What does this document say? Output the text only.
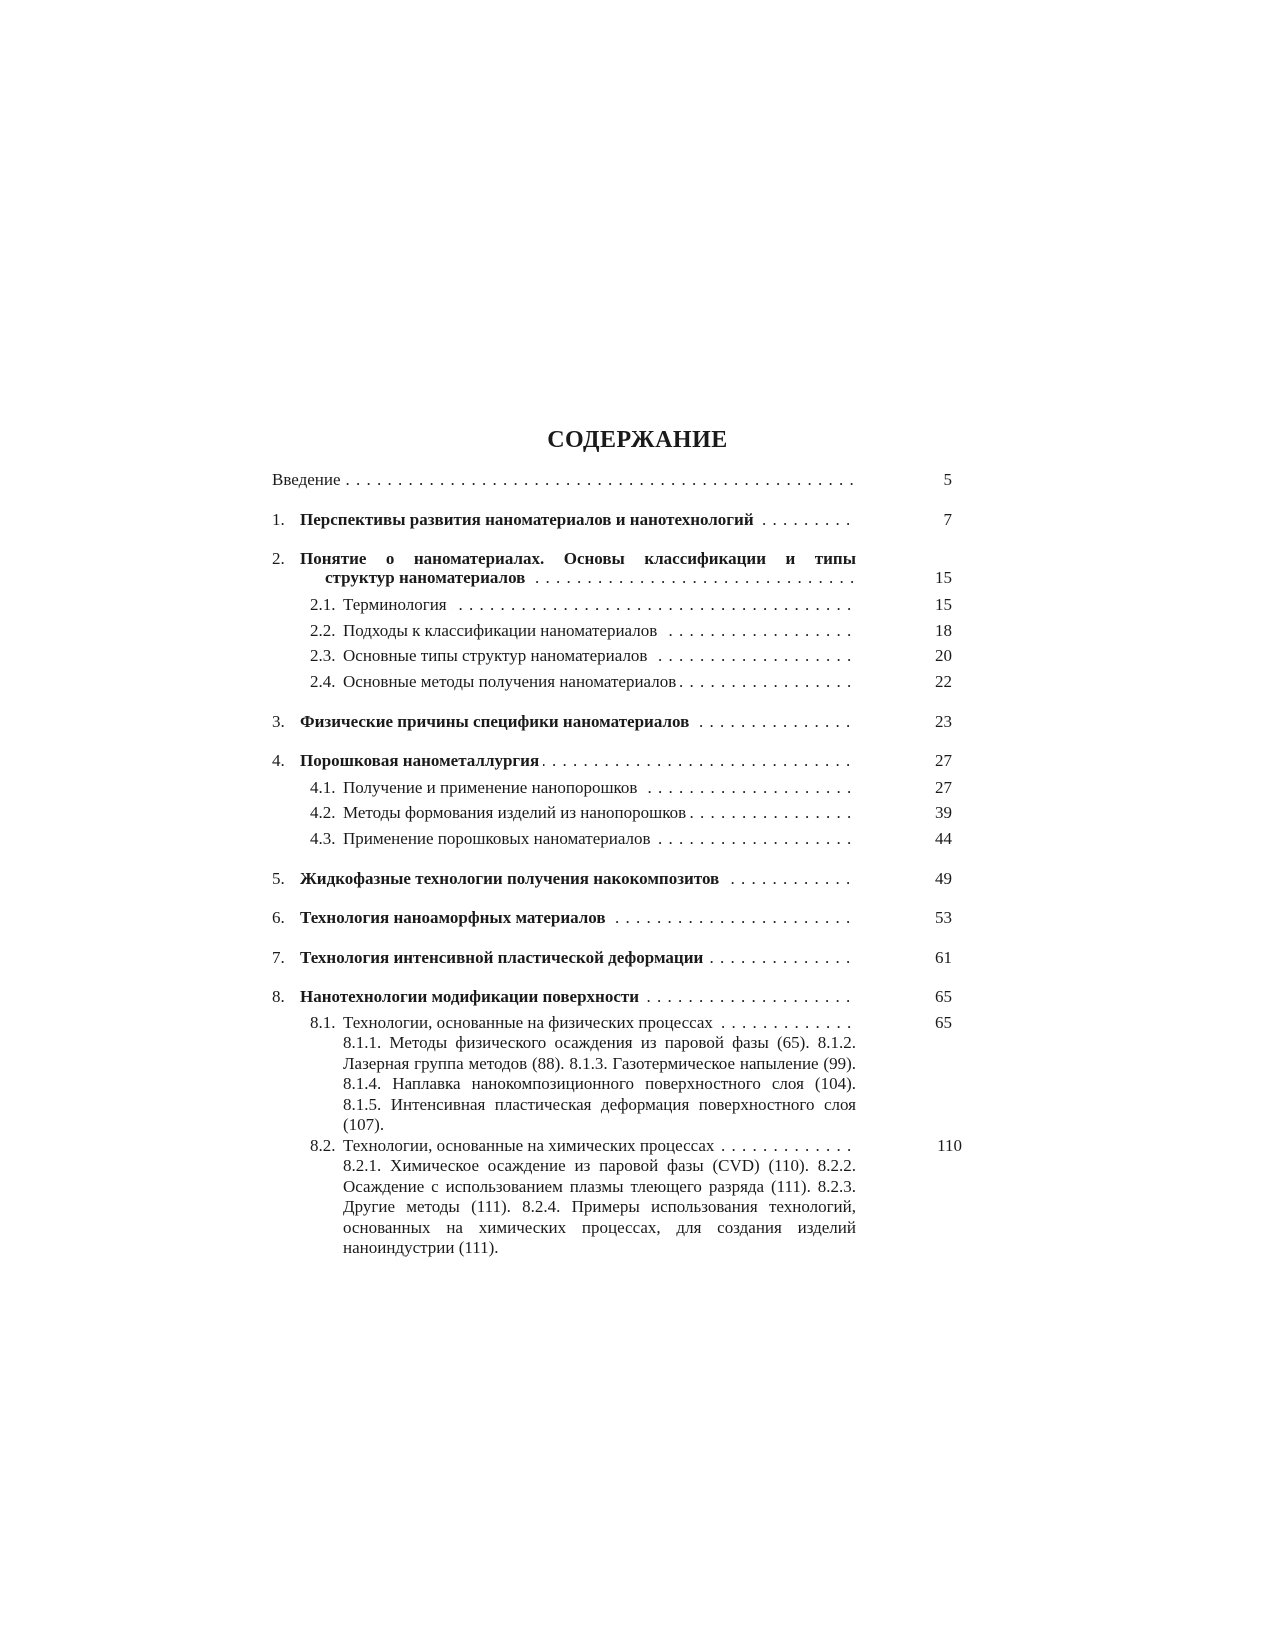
СОДЕРЖАНИЕ
Введение . . .	5
1. Перспективы развития наноматериалов и нанотехнологий . . .	7
2. Понятие о наноматериалах. Основы классификации и типы
структур наноматериалов . . .	15
2.1. Терминология . . .	15
2.2. Подходы к классификации наноматериалов . . .	18
2.3. Основные типы структур наноматериалов . . .	20
2.4. Основные методы получения наноматериалов . . .	22
3. Физические причины специфики наноматериалов . . .	23
4. Порошковая нанометаллургия . . .	27
4.1. Получение и применение нанопорошков . . .	27
4.2. Методы формования изделий из нанопорошков . . .	39
4.3. Применение порошковых наноматериалов . . .	44
5. Жидкофазные технологии получения накокомпозитов . . .	49
6. Технология наноаморфных материалов . . .	53
7. Технология интенсивной пластической деформации . . .	61
8. Нанотехнологии модификации поверхности . . .	65
8.1. Технологии, основанные на физических процессах . . .	65
8.1.1. Методы физического осаждения из паровой фазы (65). 8.1.2. Лазерная группа методов (88). 8.1.3. Газотермическое напыление (99). 8.1.4. Наплавка нанокомпозиционного поверхностного слоя (104). 8.1.5. Интенсивная пластическая деформация поверхностного слоя (107).
8.2. Технологии, основанные на химических процессах . . .	110
8.2.1. Химическое осаждение из паровой фазы (CVD) (110). 8.2.2. Осаждение с использованием плазмы тлеющего разряда (111). 8.2.3. Другие методы (111). 8.2.4. Примеры использования технологий, основанных на химических процессах, для создания изделий наноиндустрии (111).
